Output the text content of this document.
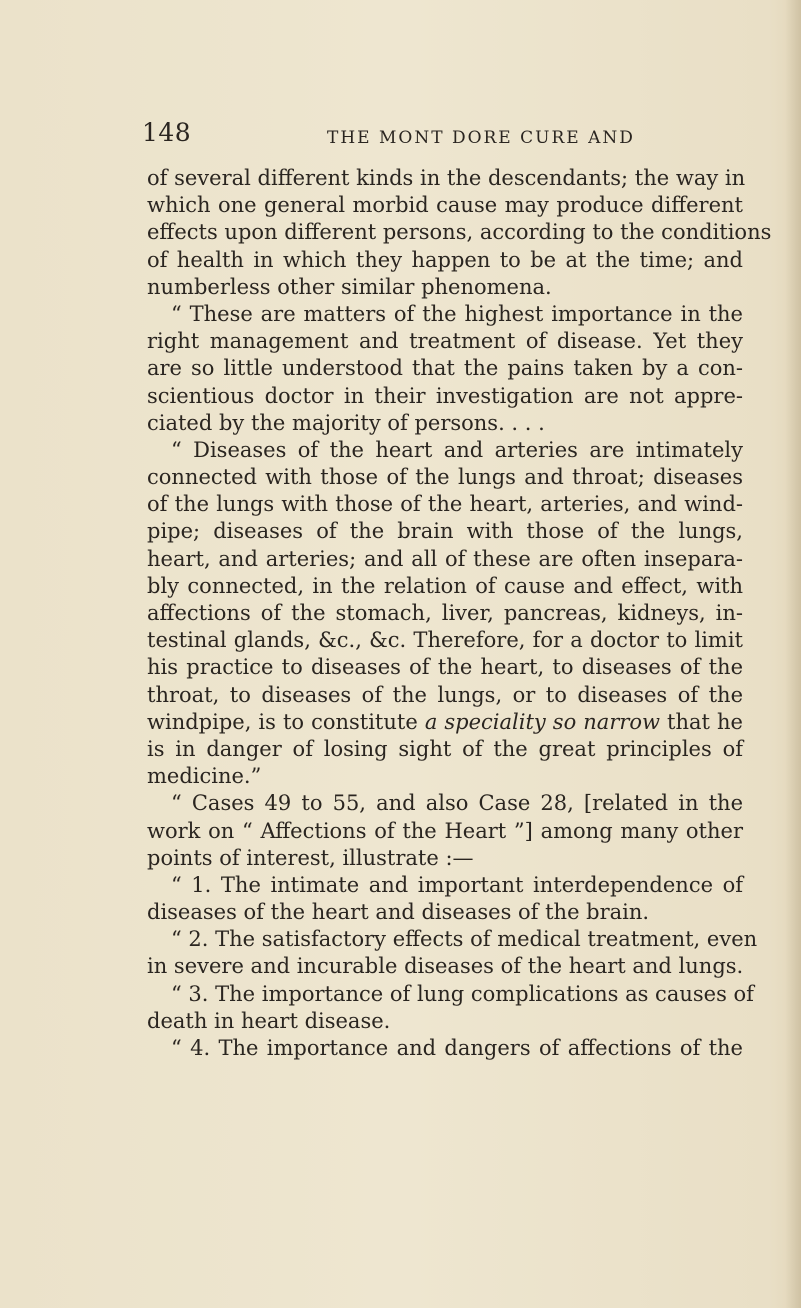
148	THE MONT DORE CURE AND
of several different kinds in the descendants; the way in
which one general morbid cause may produce different
effects upon different persons, according to the conditions
of health in which they happen to be at the time; and
numberless other similar phenomena.
“ These are matters of the highest importance in the
right management and treatment of disease. Yet they
are so little understood that the pains taken by a con-
scientious doctor in their investigation are not appre-
ciated by the majority of persons. . . .
“ Diseases of the heart and arteries are intimately
connected with those of the lungs and throat; diseases
of the lungs with those of the heart, arteries, and wind-
pipe; diseases of the brain with those of the lungs,
heart, and arteries; and all of these are often insepara-
bly connected, in the relation of cause and effect, with
affections of the stomach, liver, pancreas, kidneys, in-
testinal glands, &c., &c. Therefore, for a doctor to limit
his practice to diseases of the heart, to diseases of the
throat, to diseases of the lungs, or to diseases of the
windpipe, is to constitute a speciality so narrow that he
is in danger of losing sight of the great principles of
medicine.”
“ Cases 49 to 55, and also Case 28, [related in the
work on “ Affections of the Heart ”] among many other
points of interest, illustrate :—
“ 1. The intimate and important interdependence of
diseases of the heart and diseases of the brain.
“ 2. The satisfactory effects of medical treatment, even
in severe and incurable diseases of the heart and lungs.
“ 3. The importance of lung complications as causes of
death in heart disease.
“ 4. The importance and dangers of affections of the
